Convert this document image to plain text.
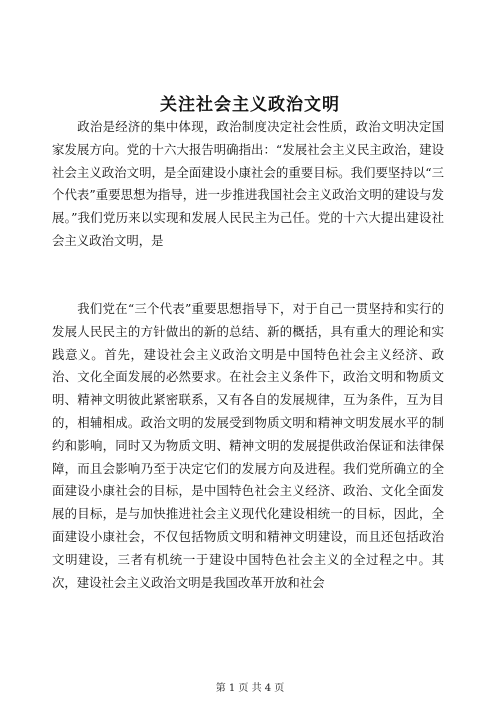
关注社会主义政治文明

　　政治是经济的集中体现，政治制度决定社会性质，政治文明决定国家发展方向。党的十六大报告明确指出：“发展社会主义民主政治，建设社会主义政治文明，是全面建设小康社会的重要目标。我们要坚持以“三个代表”重要思想为指导，进一步推进我国社会主义政治文明的建设与发展。”我们党历来以实现和发展人民民主为己任。党的十六大提出建设社会主义政治文明，是

　　我们党在“三个代表”重要思想指导下，对于自己一贯坚持和实行的发展人民民主的方针做出的新的总结、新的概括，具有重大的理论和实践意义。首先，建设社会主义政治文明是中国特色社会主义经济、政治、文化全面发展的必然要求。在社会主义条件下，政治文明和物质文明、精神文明彼此紧密联系，又有各自的发展规律，互为条件，互为目的，相辅相成。政治文明的发展受到物质文明和精神文明发展水平的制约和影响，同时又为物质文明、精神文明的发展提供政治保证和法律保障，而且会影响乃至于决定它们的发展方向及进程。我们党所确立的全面建设小康社会的目标，是中国特色社会主义经济、政治、文化全面发展的目标，是与加快推进社会主义现代化建设相统一的目标，因此，全面建设小康社会，不仅包括物质文明和精神文明建设，而且还包括政治文明建设，三者有机统一于建设中国特色社会主义的全过程之中。其次，建设社会主义政治文明是我国改革开放和社会

第 1 页 共 4 页
